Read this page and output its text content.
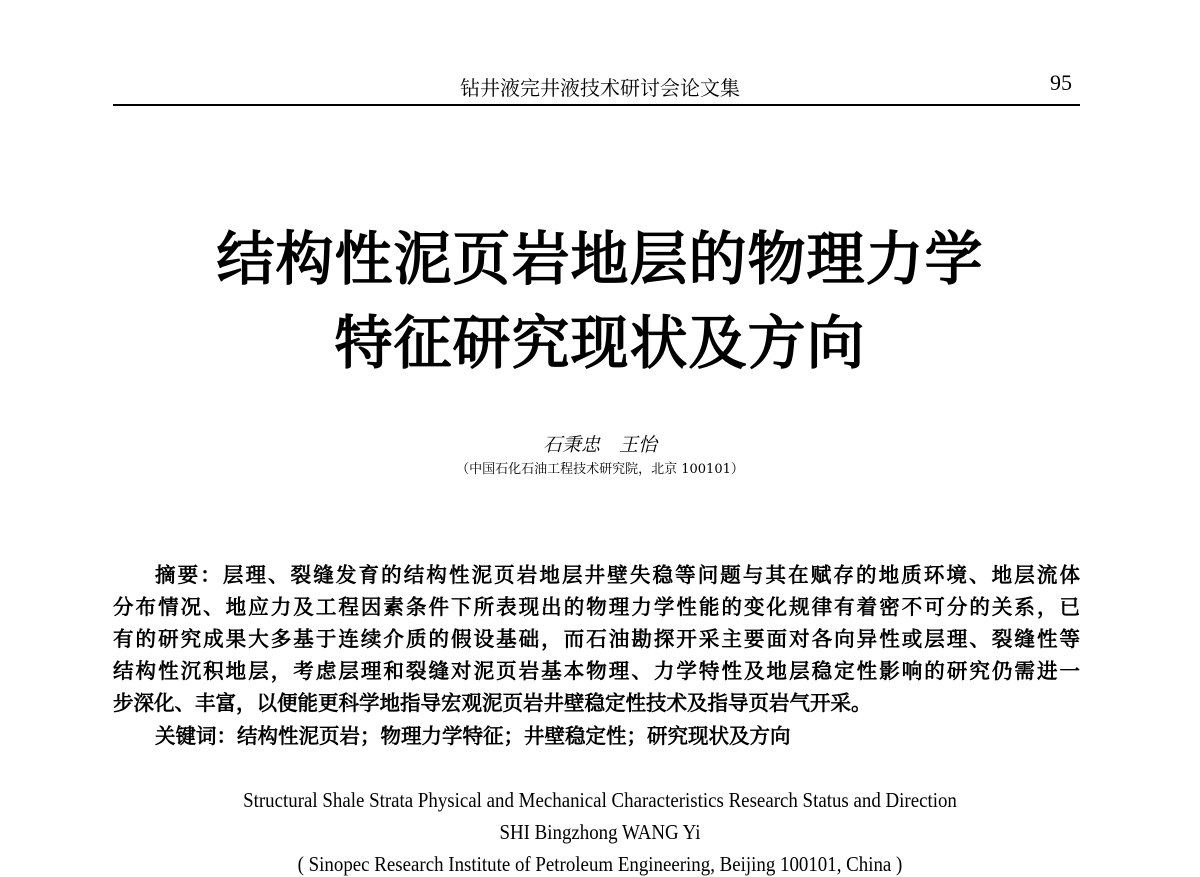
钻井液完井液技术研讨会论文集	95
结构性泥页岩地层的物理力学
特征研究现状及方向
石秉忠　王怡
（中国石化石油工程技术研究院，北京 100101）
摘要：层理、裂缝发育的结构性泥页岩地层井壁失稳等问题与其在赋存的地质环境、地层流体
分布情况、地应力及工程因素条件下所表现出的物理力学性能的变化规律有着密不可分的关系，已
有的研究成果大多基于连续介质的假设基础，而石油勘探开采主要面对各向异性或层理、裂缝性等
结构性沉积地层，考虑层理和裂缝对泥页岩基本物理、力学特性及地层稳定性影响的研究仍需进一
步深化、丰富，以便能更科学地指导宏观泥页岩井壁稳定性技术及指导页岩气开采。
关键词：结构性泥页岩；物理力学特征；井壁稳定性；研究现状及方向
Structural Shale Strata Physical and Mechanical Characteristics Research Status and Direction
SHI Bingzhong WANG Yi
( Sinopec Research Institute of Petroleum Engineering, Beijing 100101, China )
